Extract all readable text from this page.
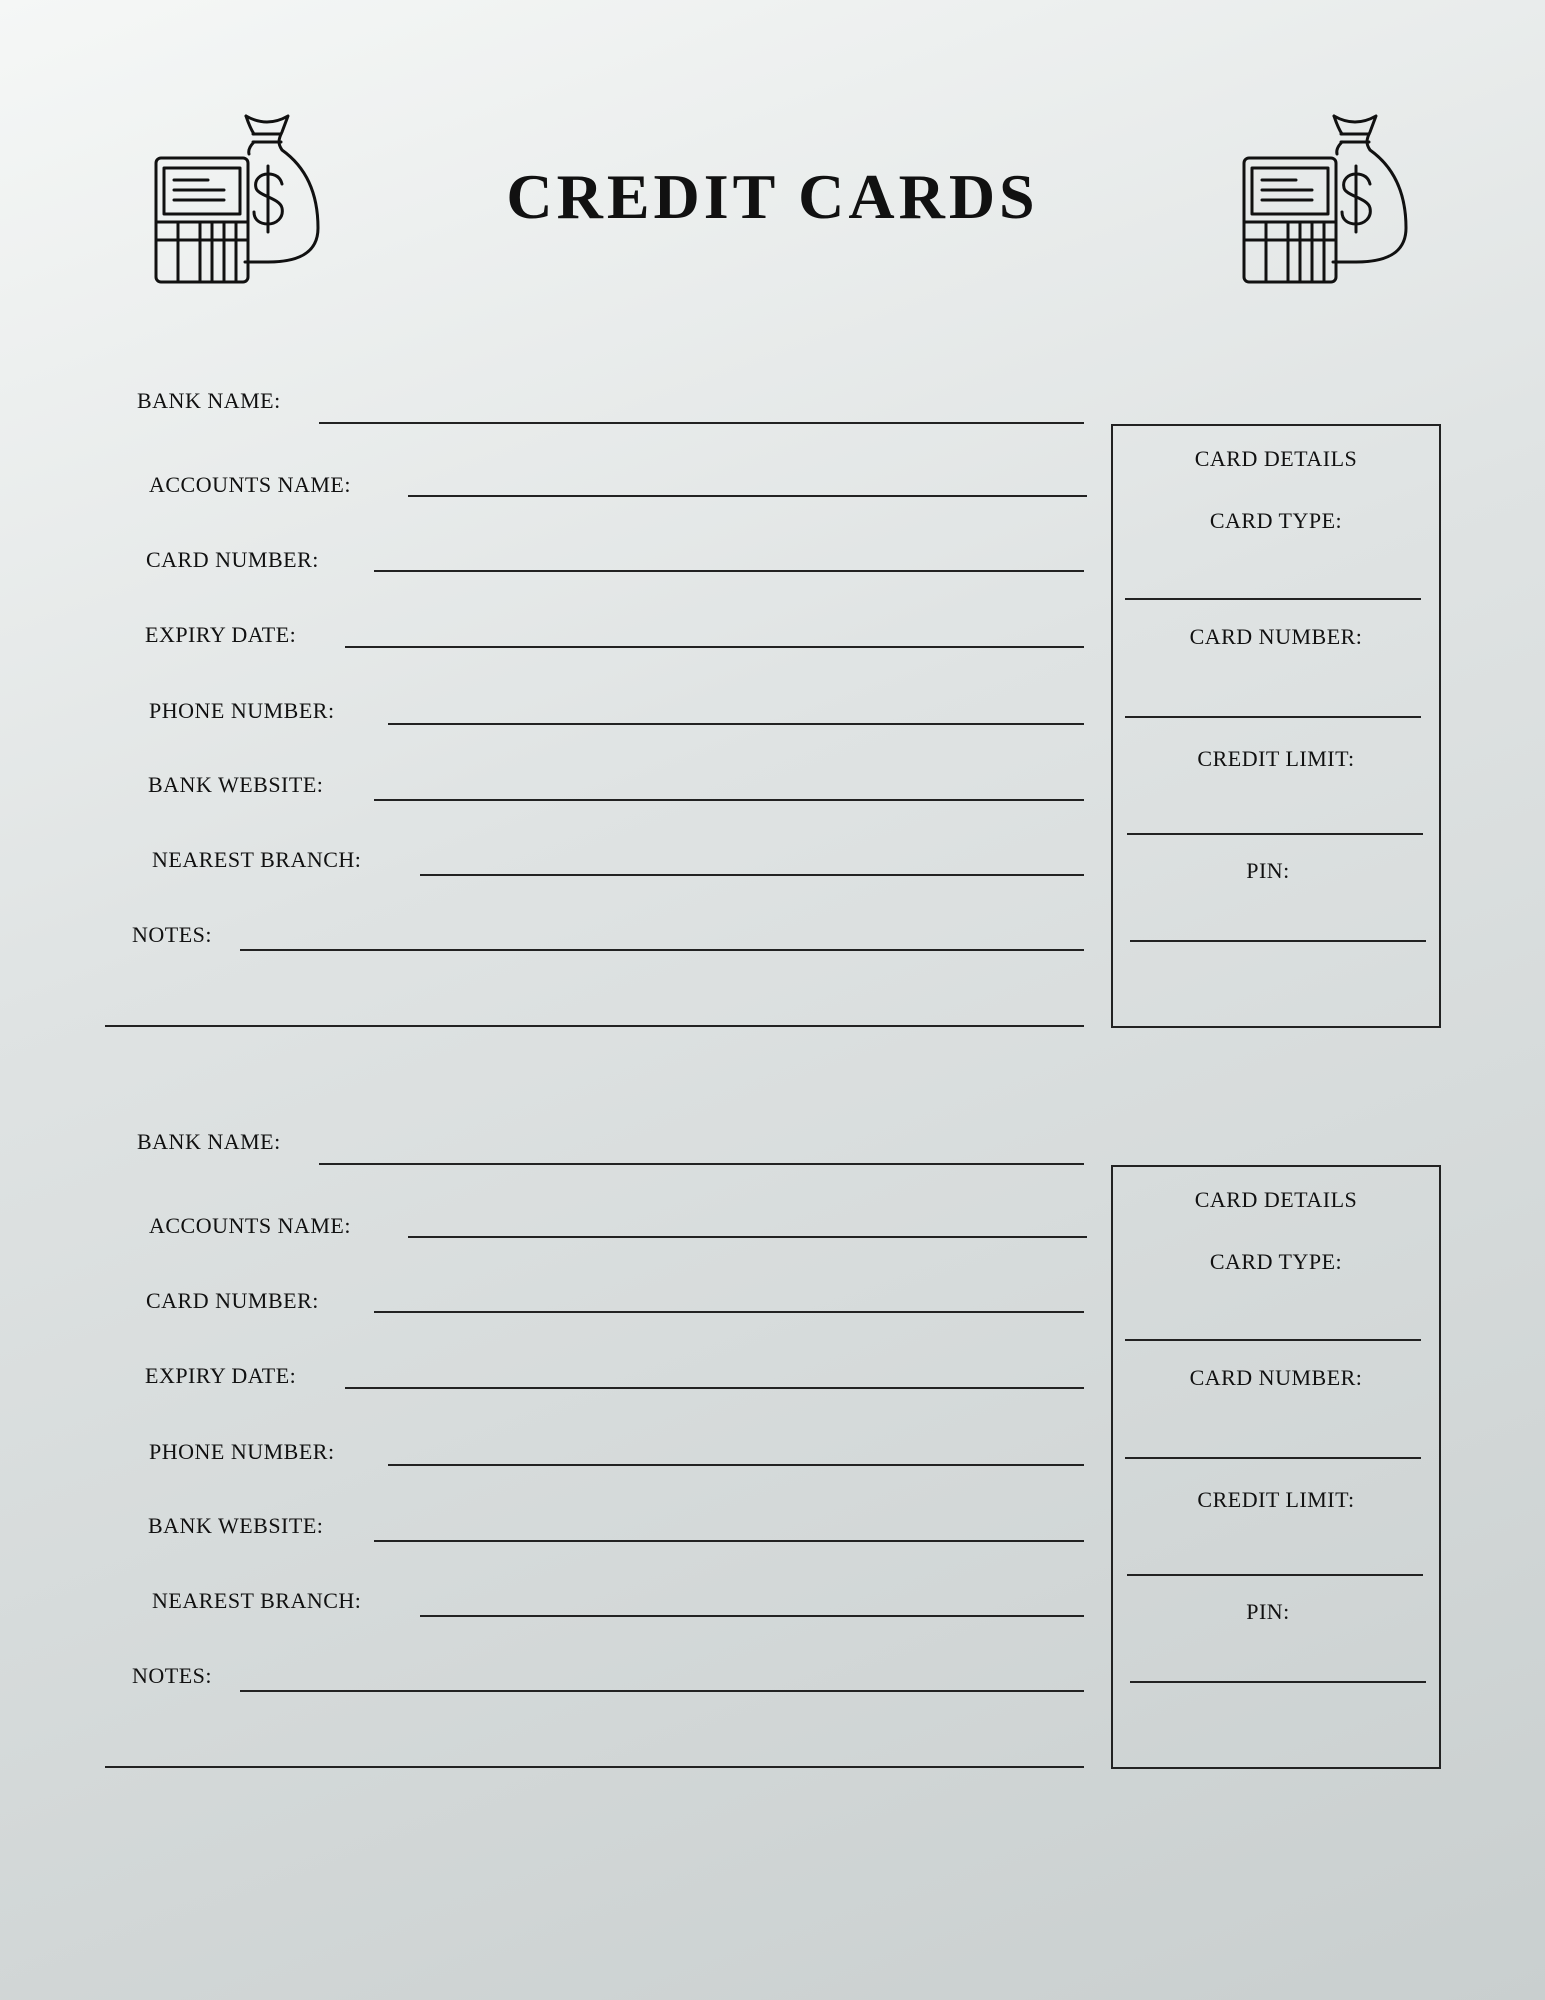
CREDIT CARDS
BANK NAME:
ACCOUNTS NAME:
CARD NUMBER:
EXPIRY DATE:
PHONE NUMBER:
BANK WEBSITE:
NEAREST BRANCH:
NOTES:
CARD DETAILS
CARD TYPE:
CARD NUMBER:
CREDIT LIMIT:
PIN:
BANK NAME:
ACCOUNTS NAME:
CARD NUMBER:
EXPIRY DATE:
PHONE NUMBER:
BANK WEBSITE:
NEAREST BRANCH:
NOTES:
CARD DETAILS
CARD TYPE:
CARD NUMBER:
CREDIT LIMIT:
PIN:
